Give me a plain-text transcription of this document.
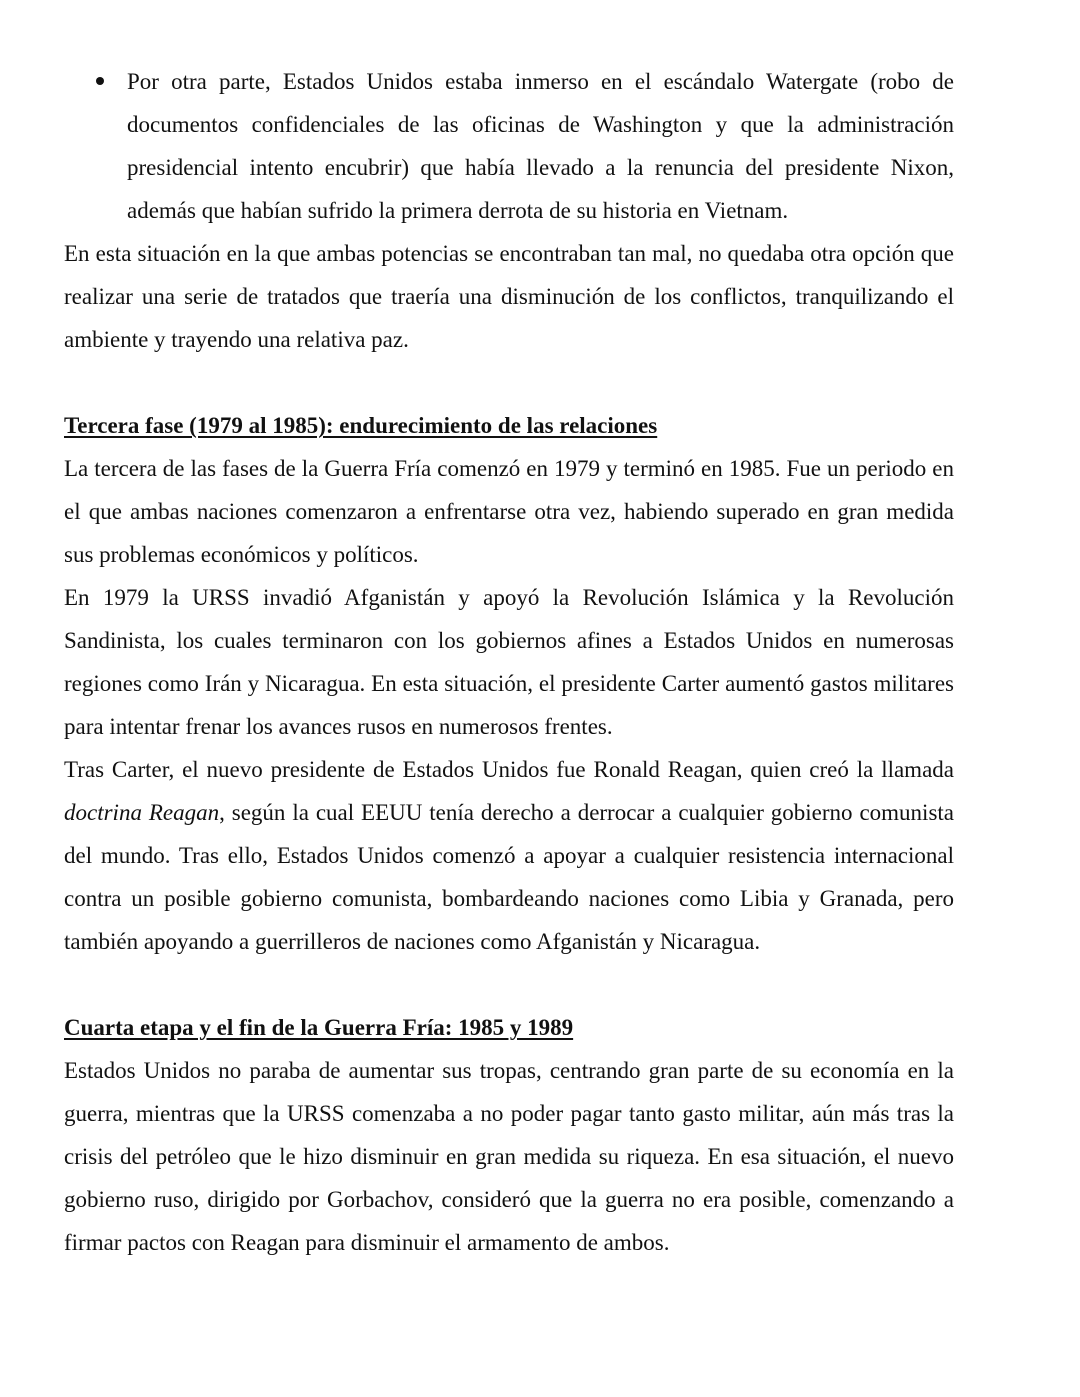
Por otra parte, Estados Unidos estaba inmerso en el escándalo Watergate (robo de documentos confidenciales de las oficinas de Washington y que la administración presidencial intento encubrir) que había llevado a la renuncia del presidente Nixon, además que habían sufrido la primera derrota de su historia en Vietnam.

En esta situación en la que ambas potencias se encontraban tan mal, no quedaba otra opción que realizar una serie de tratados que traería una disminución de los conflictos, tranquilizando el ambiente y trayendo una relativa paz.

Tercera fase (1979 al 1985): endurecimiento de las relaciones

La tercera de las fases de la Guerra Fría comenzó en 1979 y terminó en 1985. Fue un periodo en el que ambas naciones comenzaron a enfrentarse otra vez, habiendo superado en gran medida sus problemas económicos y políticos.

En 1979 la URSS invadió Afganistán y apoyó la Revolución Islámica y la Revolución Sandinista, los cuales terminaron con los gobiernos afines a Estados Unidos en numerosas regiones como Irán y Nicaragua. En esta situación, el presidente Carter aumentó gastos militares para intentar frenar los avances rusos en numerosos frentes.

Tras Carter, el nuevo presidente de Estados Unidos fue Ronald Reagan, quien creó la llamada doctrina Reagan, según la cual EEUU tenía derecho a derrocar a cualquier gobierno comunista del mundo. Tras ello, Estados Unidos comenzó a apoyar a cualquier resistencia internacional contra un posible gobierno comunista, bombardeando naciones como Libia y Granada, pero también apoyando a guerrilleros de naciones como Afganistán y Nicaragua.

Cuarta etapa y el fin de la Guerra Fría: 1985 y 1989

Estados Unidos no paraba de aumentar sus tropas, centrando gran parte de su economía en la guerra, mientras que la URSS comenzaba a no poder pagar tanto gasto militar, aún más tras la crisis del petróleo que le hizo disminuir en gran medida su riqueza. En esa situación, el nuevo gobierno ruso, dirigido por Gorbachov, consideró que la guerra no era posible, comenzando a firmar pactos con Reagan para disminuir el armamento de ambos.
